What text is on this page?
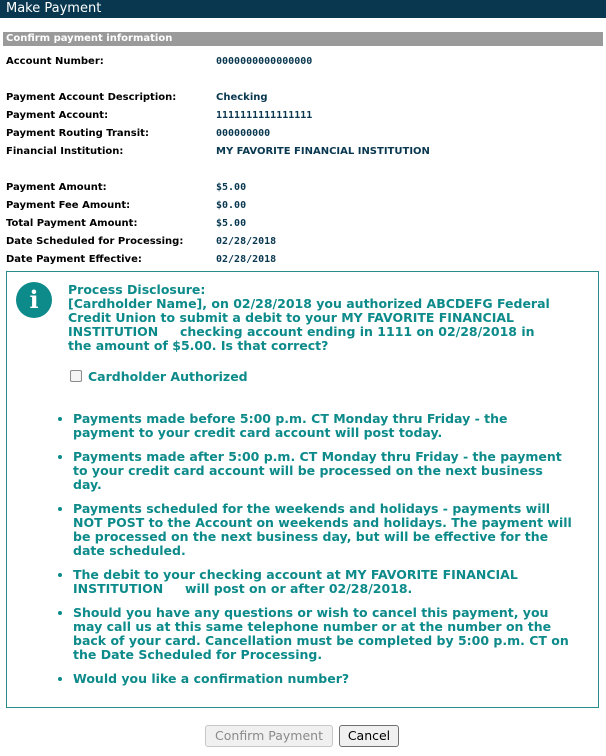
Make Payment
Confirm payment information
Account Number:	0000000000000000
Payment Account Description:	Checking
Payment Account:	1111111111111111
Payment Routing Transit:	000000000
Financial Institution:	MY FAVORITE FINANCIAL INSTITUTION
Payment Amount:	$5.00
Payment Fee Amount:	$0.00
Total Payment Amount:	$5.00
Date Scheduled for Processing:	02/28/2018
Date Payment Effective:	02/28/2018
i	Process Disclosure:
[Cardholder Name], on 02/28/2018 you authorized ABCDEFG Federal Credit Union to submit a debit to your MY FAVORITE FINANCIAL INSTITUTION     checking account ending in 1111 on 02/28/2018 in the amount of $5.00. Is that correct?
Cardholder Authorized
• Payments made before 5:00 p.m. CT Monday thru Friday - the payment to your credit card account will post today.
• Payments made after 5:00 p.m. CT Monday thru Friday - the payment to your credit card account will be processed on the next business day.
• Payments scheduled for the weekends and holidays - payments will NOT POST to the Account on weekends and holidays. The payment will be processed on the next business day, but will be effective for the date scheduled.
• The debit to your checking account at MY FAVORITE FINANCIAL INSTITUTION     will post on or after 02/28/2018.
• Should you have any questions or wish to cancel this payment, you may call us at this same telephone number or at the number on the back of your card. Cancellation must be completed by 5:00 p.m. CT on the Date Scheduled for Processing.
• Would you like a confirmation number?
Confirm Payment	Cancel
